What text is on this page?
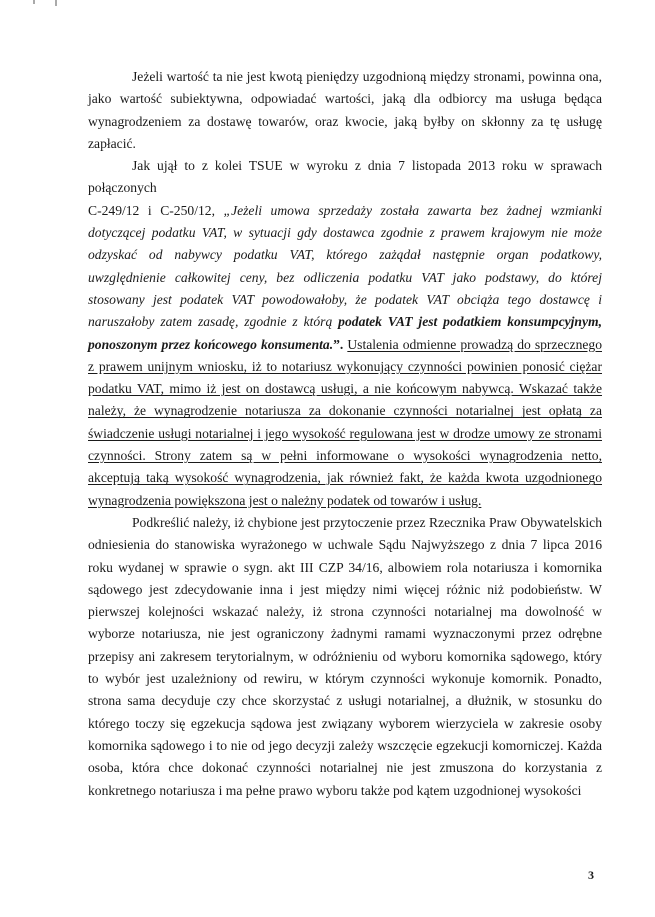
Jeżeli wartość ta nie jest kwotą pieniędzy uzgodnioną między stronami, powinna ona, jako wartość subiektywna, odpowiadać wartości, jaką dla odbiorcy ma usługa będąca wynagrodzeniem za dostawę towarów, oraz kwocie, jaką byłby on skłonny za tę usługę zapłacić.

Jak ujął to z kolei TSUE w wyroku z dnia 7 listopada 2013 roku w sprawach połączonych

C-249/12 i C-250/12, „Jeżeli umowa sprzedaży została zawarta bez żadnej wzmianki dotyczącej podatku VAT, w sytuacji gdy dostawca zgodnie z prawem krajowym nie może odzyskać od nabywcy podatku VAT, którego zażądał następnie organ podatkowy, uwzględnienie całkowitej ceny, bez odliczenia podatku VAT jako podstawy, do której stosowany jest podatek VAT powodowałoby, że podatek VAT obciąża tego dostawcę i naruszałoby zatem zasadę, zgodnie z którą podatek VAT jest podatkiem konsumpcyjnym, ponoszonym przez końcowego konsumenta.”. Ustalenia odmienne prowadzą do sprzecznego z prawem unijnym wniosku, iż to notariusz wykonujący czynności powinien ponosić ciężar podatku VAT, mimo iż jest on dostawcą usługi, a nie końcowym nabywcą. Wskazać także należy, że wynagrodzenie notariusza za dokonanie czynności notarialnej jest opłatą za świadczenie usługi notarialnej i jego wysokość regulowana jest w drodze umowy ze stronami czynności. Strony zatem są w pełni informowane o wysokości wynagrodzenia netto, akceptują taką wysokość wynagrodzenia, jak również fakt, że każda kwota uzgodnionego wynagrodzenia powiększona jest o należny podatek od towarów i usług.

Podkreślić należy, iż chybione jest przytoczenie przez Rzecznika Praw Obywatelskich odniesienia do stanowiska wyrażonego w uchwale Sądu Najwyższego z dnia 7 lipca 2016 roku wydanej w sprawie o sygn. akt III CZP 34/16, albowiem rola notariusza i komornika sądowego jest zdecydowanie inna i jest między nimi więcej różnic niż podobieństw. W pierwszej kolejności wskazać należy, iż strona czynności notarialnej ma dowolność w wyborze notariusza, nie jest ograniczony żadnymi ramami wyznaczonymi przez odrębne przepisy ani zakresem terytorialnym, w odróżnieniu od wyboru komornika sądowego, który to wybór jest uzależniony od rewiru, w którym czynności wykonuje komornik. Ponadto, strona sama decyduje czy chce skorzystać z usługi notarialnej, a dłużnik, w stosunku do którego toczy się egzekucja sądowa jest związany wyborem wierzyciela w zakresie osoby komornika sądowego i to nie od jego decyzji zależy wszczęcie egzekucji komorniczej. Każda osoba, która chce dokonać czynności notarialnej nie jest zmuszona do korzystania z konkretnego notariusza i ma pełne prawo wyboru także pod kątem uzgodnionej wysokości

3
